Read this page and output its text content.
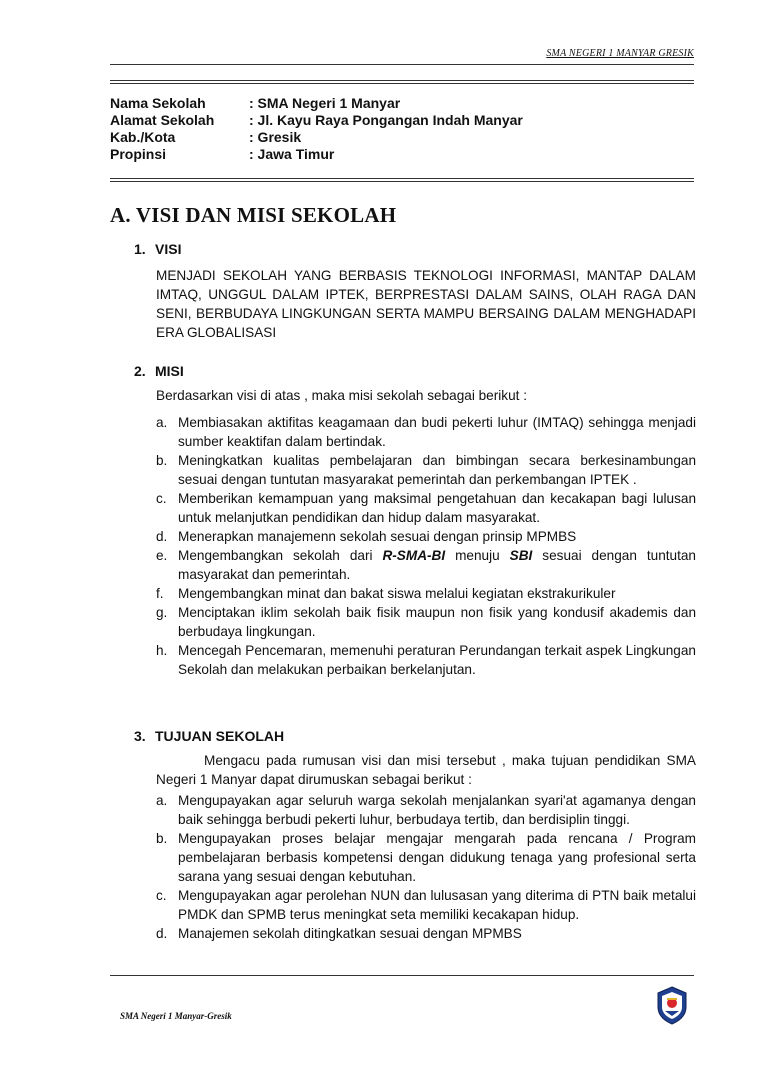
SMA NEGERI 1 MANYAR GRESIK
Nama Sekolah	: SMA Negeri 1 Manyar
Alamat Sekolah	: Jl. Kayu Raya Pongangan Indah Manyar
Kab./Kota	: Gresik
Propinsi	: Jawa Timur
A. VISI DAN MISI SEKOLAH
1. VISI
MENJADI SEKOLAH YANG BERBASIS TEKNOLOGI INFORMASI, MANTAP DALAM IMTAQ, UNGGUL DALAM IPTEK, BERPRESTASI DALAM SAINS, OLAH RAGA DAN SENI, BERBUDAYA LINGKUNGAN SERTA MAMPU BERSAING DALAM MENGHADAPI ERA GLOBALISASI
2. MISI
Berdasarkan visi di atas , maka misi sekolah sebagai berikut :
a. Membiasakan aktifitas keagamaan dan budi pekerti luhur (IMTAQ) sehingga menjadi sumber keaktifan dalam bertindak.
b. Meningkatkan kualitas pembelajaran dan bimbingan secara berkesinambungan sesuai dengan tuntutan masyarakat pemerintah dan perkembangan IPTEK .
c. Memberikan kemampuan yang maksimal pengetahuan dan kecakapan bagi lulusan untuk melanjutkan pendidikan dan hidup dalam masyarakat.
d. Menerapkan manajemenn sekolah sesuai dengan prinsip MPMBS
e. Mengembangkan sekolah dari R-SMA-BI menuju SBI sesuai dengan tuntutan masyarakat dan pemerintah.
f.	Mengembangkan minat dan bakat siswa melalui kegiatan ekstrakurikuler
g. Menciptakan iklim sekolah baik fisik maupun non fisik yang kondusif akademis dan berbudaya lingkungan.
h. Mencegah Pencemaran, memenuhi peraturan Perundangan terkait aspek Lingkungan Sekolah dan melakukan perbaikan berkelanjutan.
3. TUJUAN SEKOLAH
Mengacu pada rumusan visi dan misi tersebut , maka tujuan pendidikan SMA Negeri 1 Manyar dapat dirumuskan sebagai berikut :
a. Mengupayakan agar seluruh warga sekolah menjalankan syari'at agamanya dengan baik sehingga berbudi pekerti luhur, berbudaya tertib, dan berdisiplin tinggi.
b. Mengupayakan proses belajar mengajar mengarah pada rencana / Program pembelajaran berbasis kompetensi dengan didukung tenaga yang profesional serta sarana yang sesuai dengan kebutuhan.
c. Mengupayakan agar perolehan NUN dan lulusasan yang diterima di PTN baik metalui PMDK dan SPMB terus meningkat seta memiliki kecakapan hidup.
d. Manajemen sekolah ditingkatkan sesuai dengan MPMBS
SMA Negeri 1 Manyar-Gresik
